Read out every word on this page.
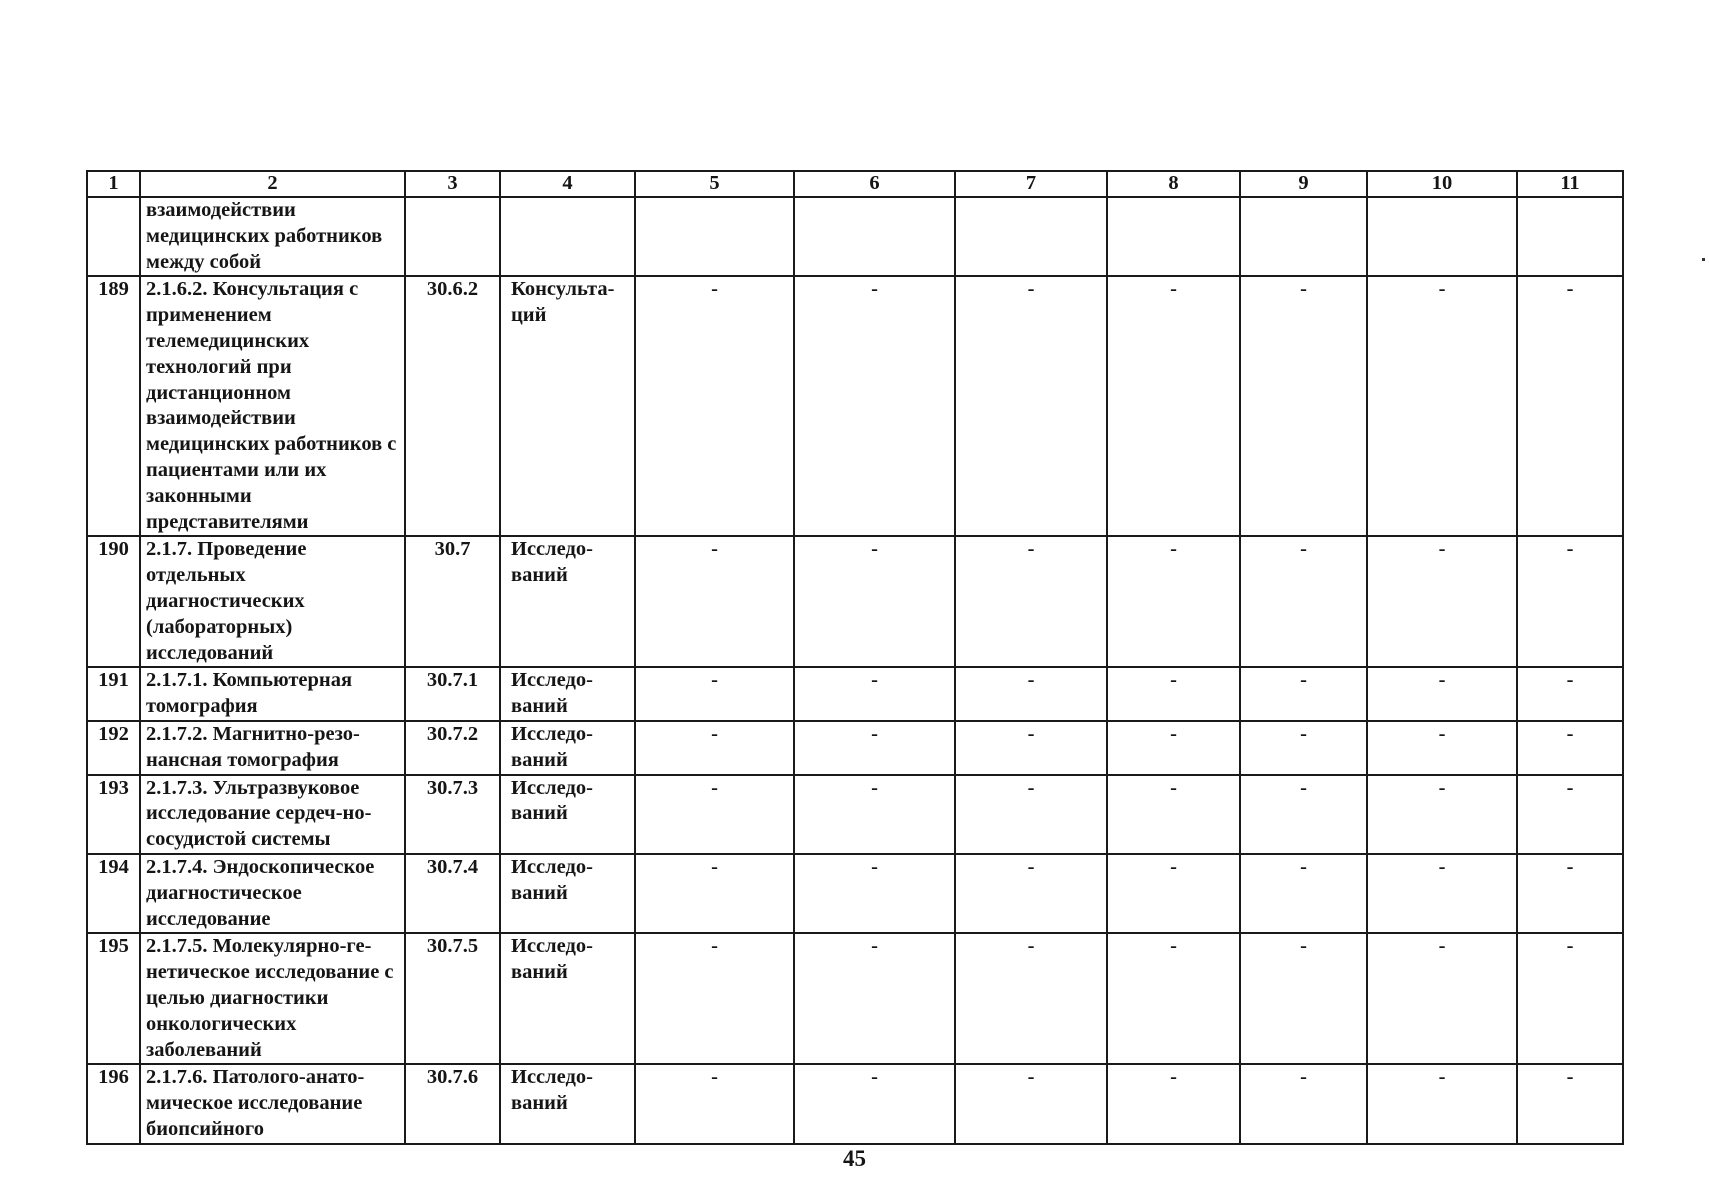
1	2	3	4	5	6	7	8	9	10	11
	взаимодействии медицинских работников между собой									
189	2.1.6.2. Консультация с применением телемедицинских технологий при дистанционном взаимодействии медицинских работников с пациентами или их законными представителями	30.6.2	Консульта-ций	-	-	-	-	-	-	-
190	2.1.7. Проведение отдельных диагностических (лабораторных) исследований	30.7	Исследо-ваний	-	-	-	-	-	-	-
191	2.1.7.1. Компьютерная томография	30.7.1	Исследо-ваний	-	-	-	-	-	-	-
192	2.1.7.2. Магнитно-резо-нансная томография	30.7.2	Исследо-ваний	-	-	-	-	-	-	-
193	2.1.7.3. Ультразвуковое исследование сердеч-но-сосудистой системы	30.7.3	Исследо-ваний	-	-	-	-	-	-	-
194	2.1.7.4. Эндоскопическое диагностическое исследование	30.7.4	Исследо-ваний	-	-	-	-	-	-	-
195	2.1.7.5. Молекулярно-ге-нетическое исследование с целью диагностики онкологических заболеваний	30.7.5	Исследо-ваний	-	-	-	-	-	-	-
196	2.1.7.6. Патолого-анато-мическое исследование биопсийного	30.7.6	Исследо-ваний	-	-	-	-	-	-	-
45
